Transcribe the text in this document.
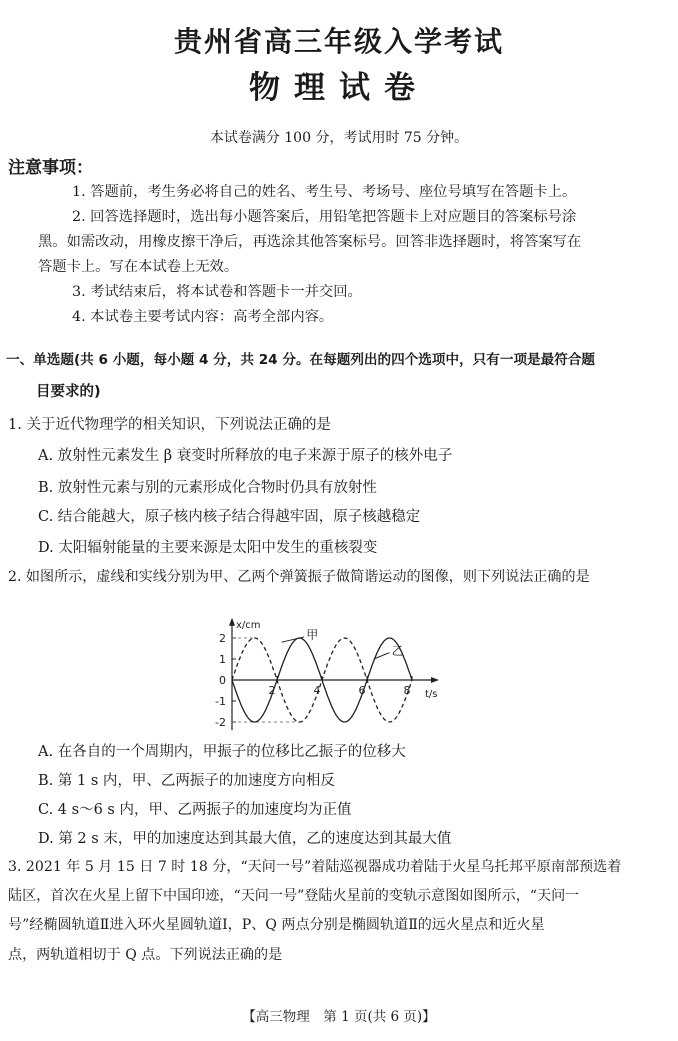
贵州省高三年级入学考试
物理试卷
本试卷满分 100 分，考试用时 75 分钟。
注意事项：
1. 答题前，考生务必将自己的姓名、考生号、考场号、座位号填写在答题卡上。
2. 回答选择题时，选出每小题答案后，用铅笔把答题卡上对应题目的答案标号涂
黑。如需改动，用橡皮擦干净后，再选涂其他答案标号。回答非选择题时，将答案写在
答题卡上。写在本试卷上无效。
3. 考试结束后，将本试卷和答题卡一并交回。
4. 本试卷主要考试内容：高考全部内容。
一、单选题(共 6 小题，每小题 4 分，共 24 分。在每题列出的四个选项中，只有一项是最符合题
目要求的)
1. 关于近代物理学的相关知识，下列说法正确的是
A. 放射性元素发生 β 衰变时所释放的电子来源于原子的核外电子
B. 放射性元素与别的元素形成化合物时仍具有放射性
C. 结合能越大，原子核内核子结合得越牢固，原子核越稳定
D. 太阳辐射能量的主要来源是太阳中发生的重核裂变
2. 如图所示，虚线和实线分别为甲、乙两个弹簧振子做简谐运动的图像，则下列说法正确的是
x/cm
t/s
2
1
0
-1
-2
2	4	6	8
甲
乙
A. 在各自的一个周期内，甲振子的位移比乙振子的位移大
B. 第 1 s 内，甲、乙两振子的加速度方向相反
C. 4 s～6 s 内，甲、乙两振子的加速度均为正值
D. 第 2 s 末，甲的加速度达到其最大值，乙的速度达到其最大值
3. 2021 年 5 月 15 日 7 时 18 分，“天问一号”着陆巡视器成功着陆于火星乌托邦平原南部预选着
陆区，首次在火星上留下中国印迹，“天问一号”登陆火星前的变轨示意图如图所示，“天问一
号”经椭圆轨道Ⅱ进入环火星圆轨道Ⅰ，P、Q 两点分别是椭圆轨道Ⅱ的远火星点和近火星
点，两轨道相切于 Q 点。下列说法正确的是
【高三物理　第 1 页(共 6 页)】
